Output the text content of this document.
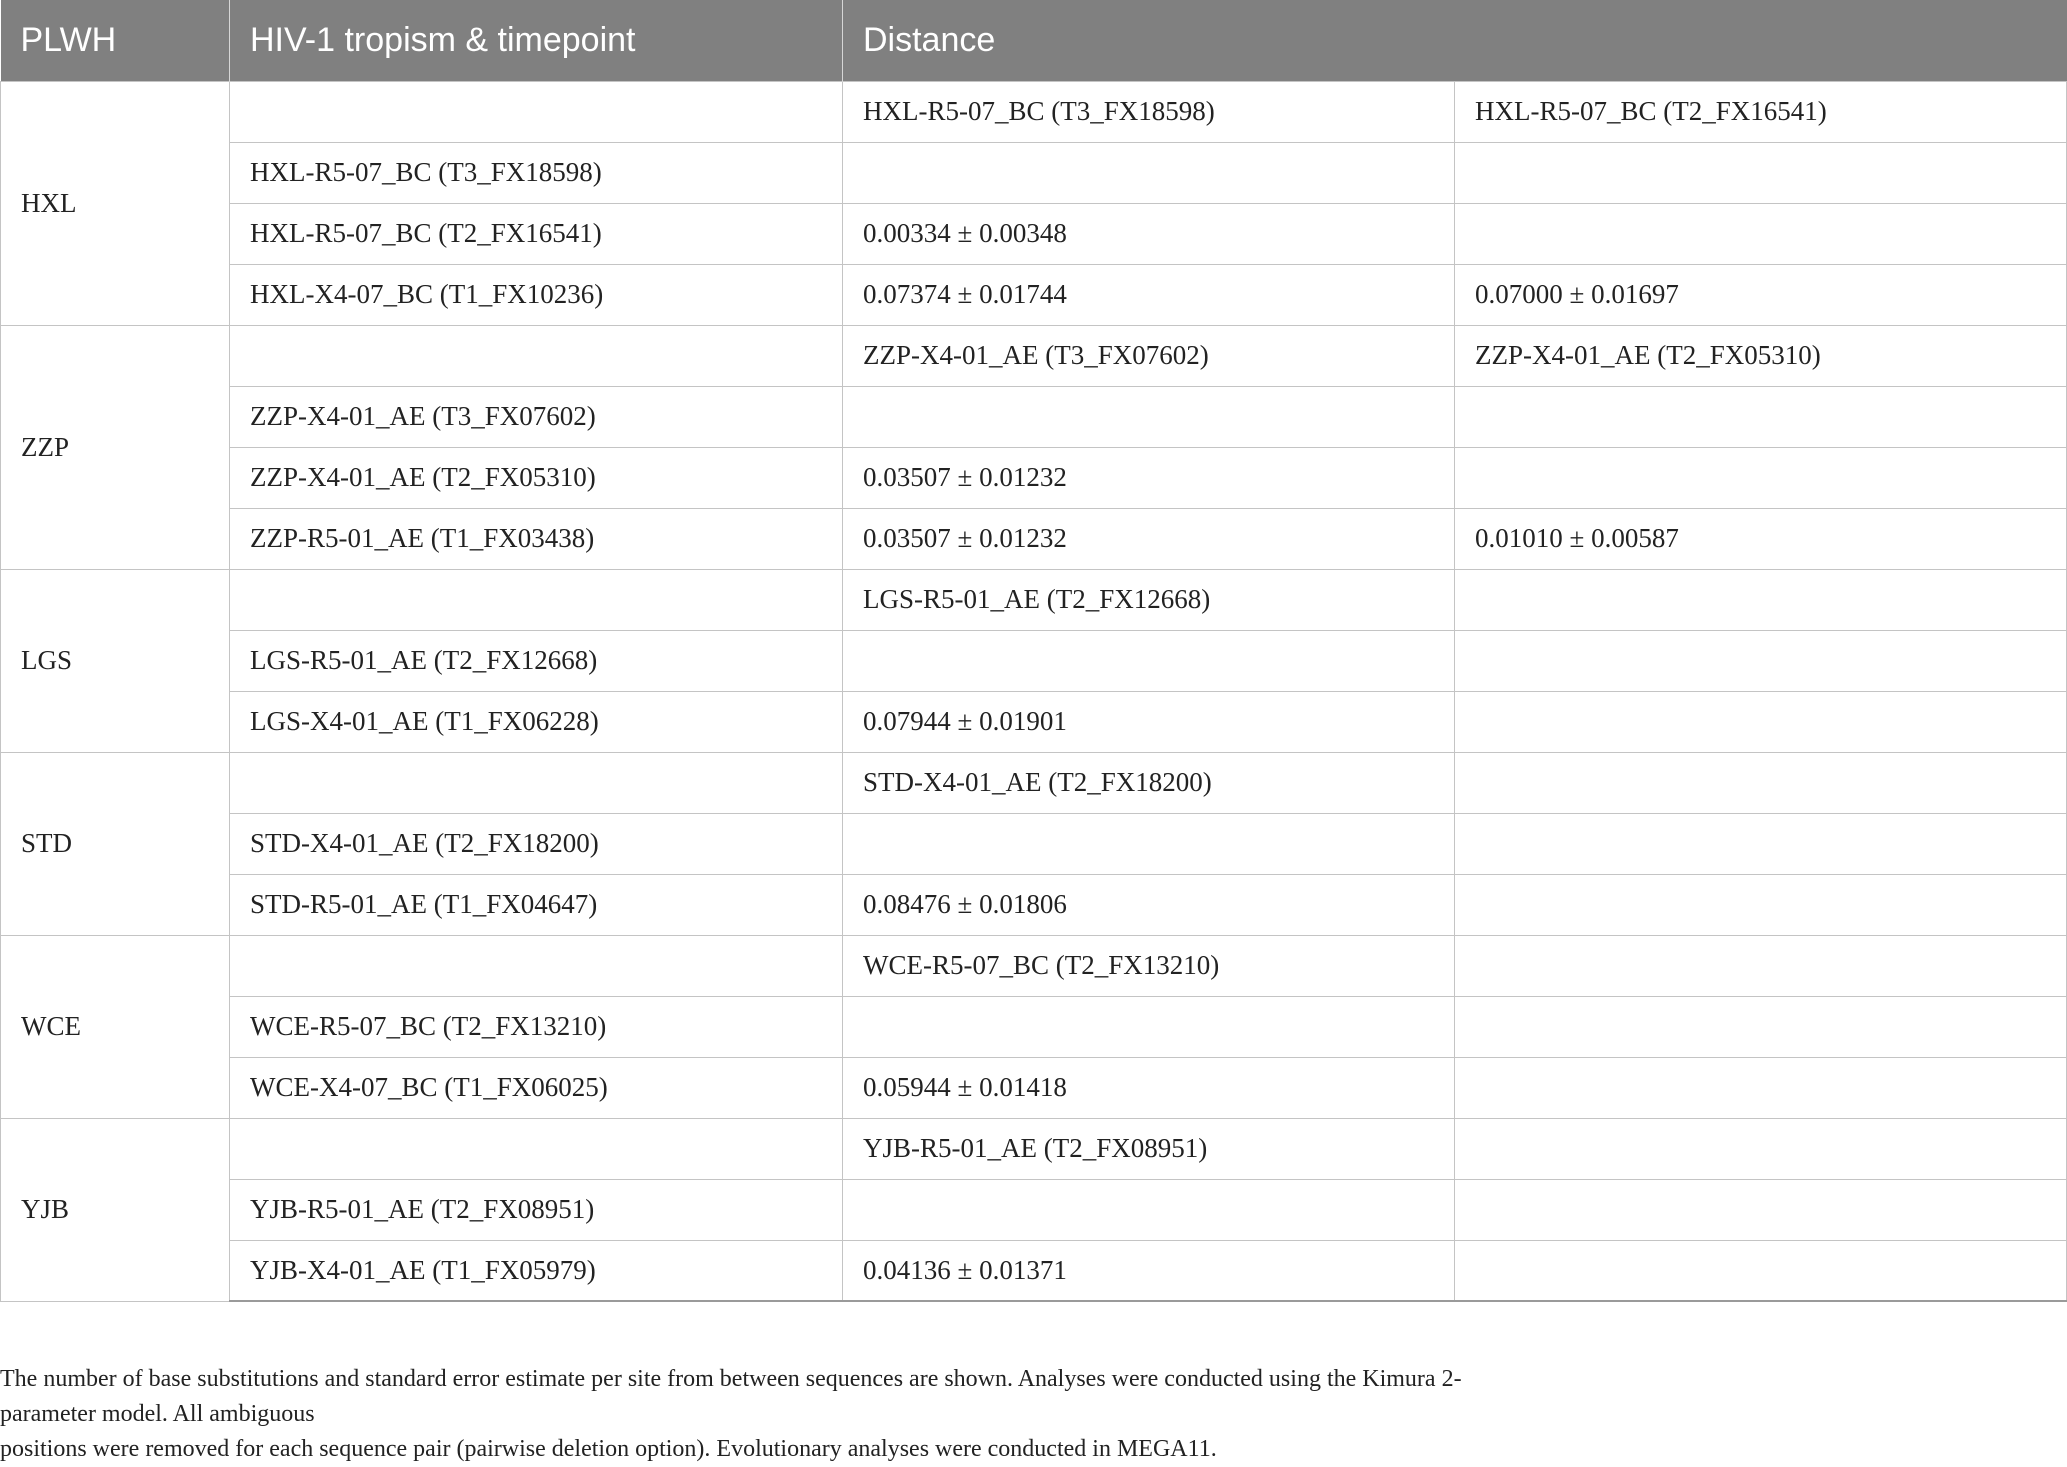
PLWH	HIV-1 tropism & timepoint	Distance	
HXL		HXL-R5-07_BC (T3_FX18598)	HXL-R5-07_BC (T2_FX16541)
	HXL-R5-07_BC (T3_FX18598)		
	HXL-R5-07_BC (T2_FX16541)	0.00334 ± 0.00348	
	HXL-X4-07_BC (T1_FX10236)	0.07374 ± 0.01744	0.07000 ± 0.01697
ZZP		ZZP-X4-01_AE (T3_FX07602)	ZZP-X4-01_AE (T2_FX05310)
	ZZP-X4-01_AE (T3_FX07602)		
	ZZP-X4-01_AE (T2_FX05310)	0.03507 ± 0.01232	
	ZZP-R5-01_AE (T1_FX03438)	0.03507 ± 0.01232	0.01010 ± 0.00587
LGS		LGS-R5-01_AE (T2_FX12668)	
	LGS-R5-01_AE (T2_FX12668)		
	LGS-X4-01_AE (T1_FX06228)	0.07944 ± 0.01901	
STD		STD-X4-01_AE (T2_FX18200)	
	STD-X4-01_AE (T2_FX18200)		
	STD-R5-01_AE (T1_FX04647)	0.08476 ± 0.01806	
WCE		WCE-R5-07_BC (T2_FX13210)	
	WCE-R5-07_BC (T2_FX13210)		
	WCE-X4-07_BC (T1_FX06025)	0.05944 ± 0.01418	
YJB		YJB-R5-01_AE (T2_FX08951)	
	YJB-R5-01_AE (T2_FX08951)		
	YJB-X4-01_AE (T1_FX05979)	0.04136 ± 0.01371	
The number of base substitutions and standard error estimate per site from between sequences are shown. Analyses were conducted using the Kimura 2-parameter model. All ambiguous
positions were removed for each sequence pair (pairwise deletion option). Evolutionary analyses were conducted in MEGA11.
